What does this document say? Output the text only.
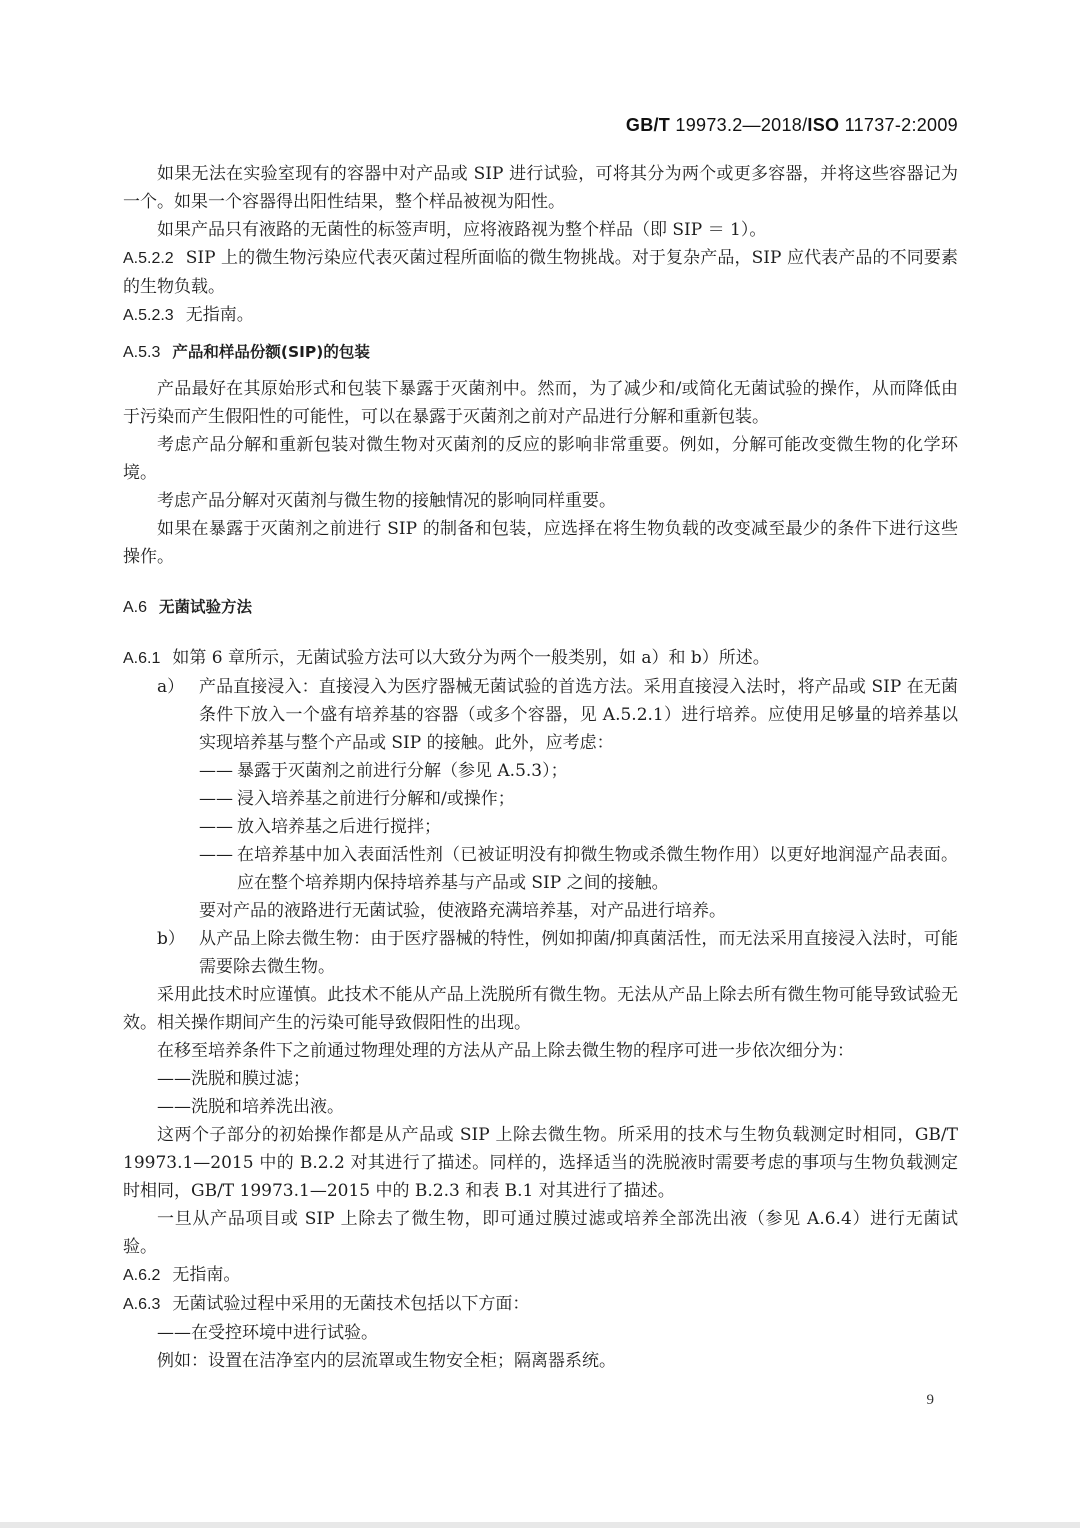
GB/T 19973.2—2018/ISO 11737-2:2009

如果无法在实验室现有的容器中对产品或 SIP 进行试验，可将其分为两个或更多容器，并将这些容器记为一个。如果一个容器得出阳性结果，整个样品被视为阳性。

如果产品只有液路的无菌性的标签声明，应将液路视为整个样品（即 SIP ＝ 1）。

A.5.2.2 SIP 上的微生物污染应代表灭菌过程所面临的微生物挑战。对于复杂产品，SIP 应代表产品的不同要素的生物负载。

A.5.2.3 无指南。

A.5.3 产品和样品份额(SIP)的包装

产品最好在其原始形式和包装下暴露于灭菌剂中。然而，为了减少和/或简化无菌试验的操作，从而降低由于污染而产生假阳性的可能性，可以在暴露于灭菌剂之前对产品进行分解和重新包装。

考虑产品分解和重新包装对微生物对灭菌剂的反应的影响非常重要。例如，分解可能改变微生物的化学环境。

考虑产品分解对灭菌剂与微生物的接触情况的影响同样重要。

如果在暴露于灭菌剂之前进行 SIP 的制备和包装，应选择在将生物负载的改变减至最少的条件下进行这些操作。

A.6 无菌试验方法

A.6.1 如第 6 章所示，无菌试验方法可以大致分为两个一般类别，如 a）和 b）所述。

a） 产品直接浸入：直接浸入为医疗器械无菌试验的首选方法。采用直接浸入法时，将产品或 SIP 在无菌条件下放入一个盛有培养基的容器（或多个容器，见 A.5.2.1）进行培养。应使用足够量的培养基以实现培养基与整个产品或 SIP 的接触。此外，应考虑：
—— 暴露于灭菌剂之前进行分解（参见 A.5.3）；
—— 浸入培养基之前进行分解和/或操作；
—— 放入培养基之后进行搅拌；
—— 在培养基中加入表面活性剂（已被证明没有抑微生物或杀微生物作用）以更好地润湿产品表面。应在整个培养期内保持培养基与产品或 SIP 之间的接触。

要对产品的液路进行无菌试验，使液路充满培养基，对产品进行培养。

b） 从产品上除去微生物：由于医疗器械的特性，例如抑菌/抑真菌活性，而无法采用直接浸入法时，可能需要除去微生物。

采用此技术时应谨慎。此技术不能从产品上洗脱所有微生物。无法从产品上除去所有微生物可能导致试验无效。相关操作期间产生的污染可能导致假阳性的出现。

在移至培养条件下之前通过物理处理的方法从产品上除去微生物的程序可进一步依次细分为：

——洗脱和膜过滤；
——洗脱和培养洗出液。

这两个子部分的初始操作都是从产品或 SIP 上除去微生物。所采用的技术与生物负载测定时相同，GB/T 19973.1—2015 中的 B.2.2 对其进行了描述。同样的，选择适当的洗脱液时需要考虑的事项与生物负载测定时相同，GB/T 19973.1—2015 中的 B.2.3 和表 B.1 对其进行了描述。

一旦从产品项目或 SIP 上除去了微生物，即可通过膜过滤或培养全部洗出液（参见 A.6.4）进行无菌试验。

A.6.2 无指南。

A.6.3 无菌试验过程中采用的无菌技术包括以下方面：

——在受控环境中进行试验。

例如：设置在洁净室内的层流罩或生物安全柜；隔离器系统。

9
